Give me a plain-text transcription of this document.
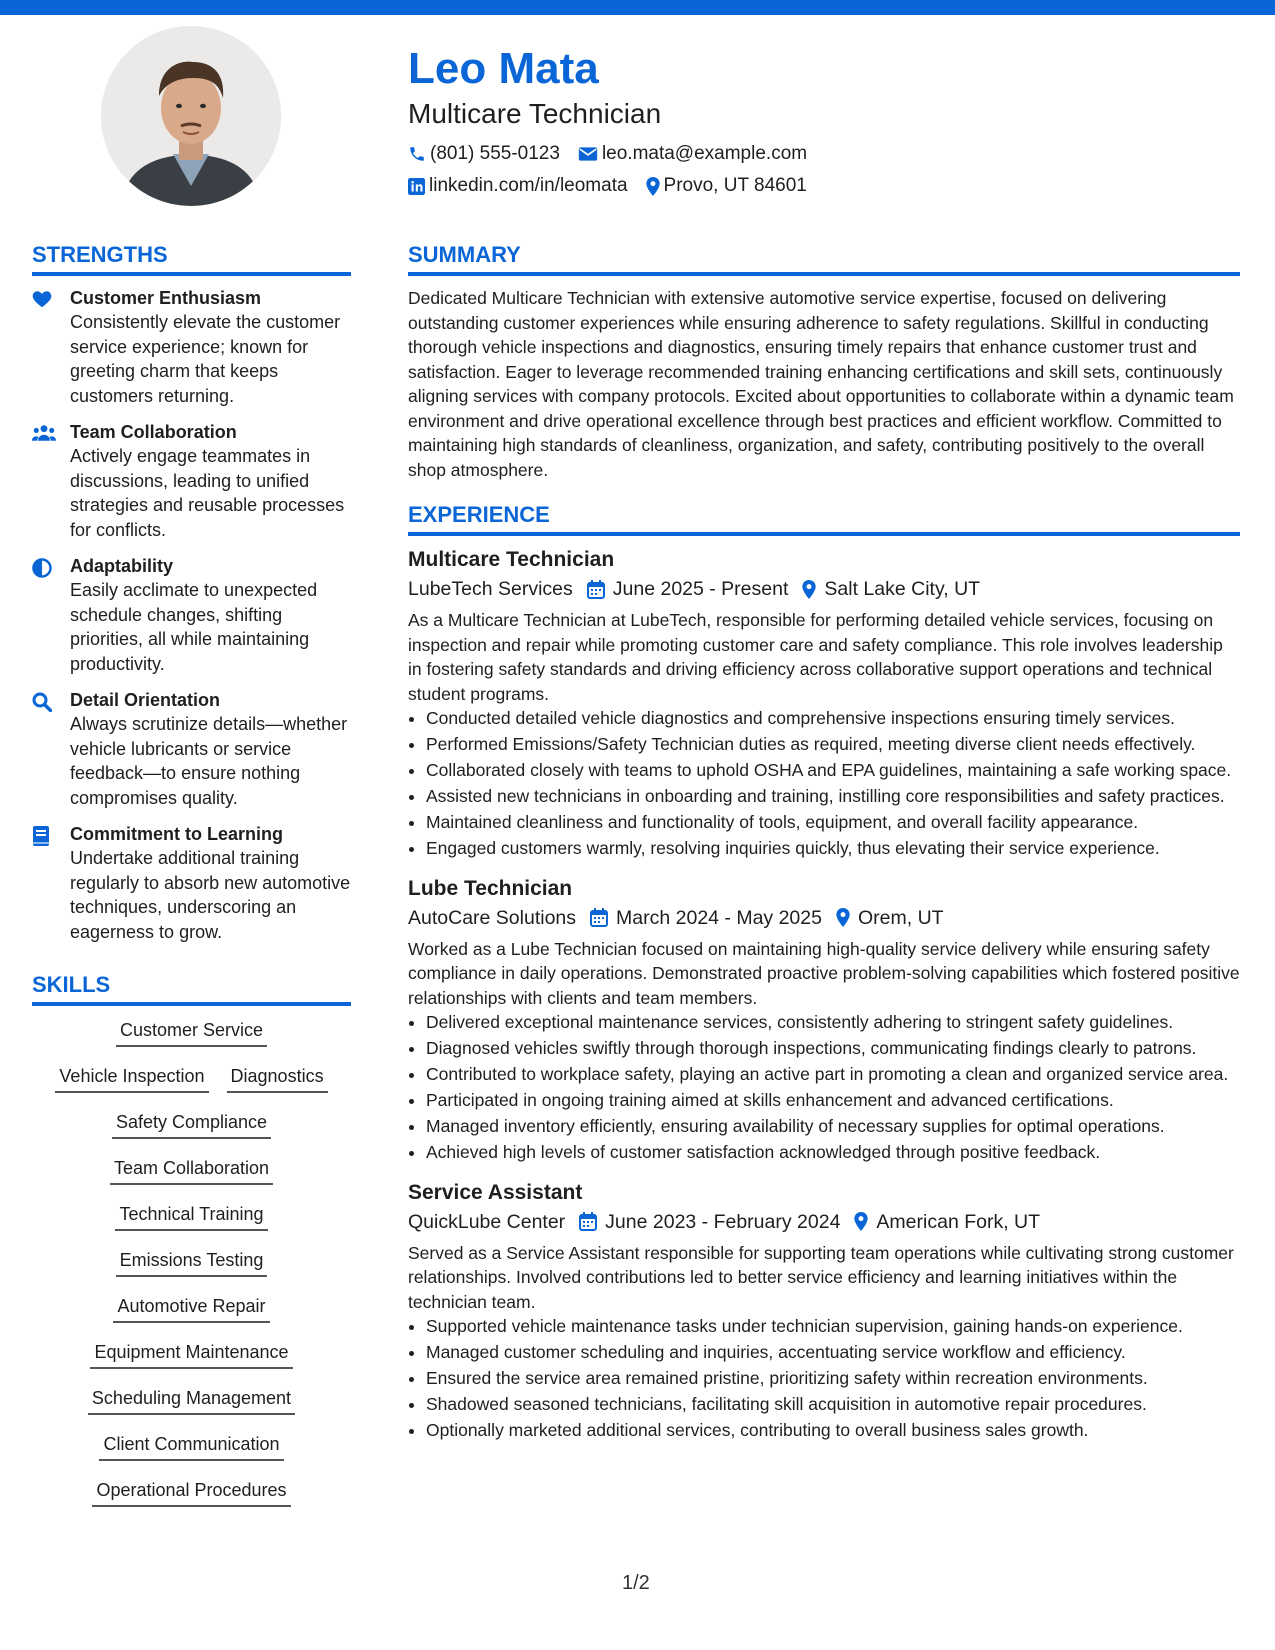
Leo Mata
Multicare Technician
(801) 555-0123 leo.mata@example.com
linkedin.com/in/leomata Provo, UT 84601
STRENGTHS
Customer Enthusiasm
Consistently elevate the customer service experience; known for greeting charm that keeps customers returning.
Team Collaboration
Actively engage teammates in discussions, leading to unified strategies and reusable processes for conflicts.
Adaptability
Easily acclimate to unexpected schedule changes, shifting priorities, all while maintaining productivity.
Detail Orientation
Always scrutinize details—whether vehicle lubricants or service feedback—to ensure nothing compromises quality.
Commitment to Learning
Undertake additional training regularly to absorb new automotive techniques, underscoring an eagerness to grow.
SKILLS
Customer Service
Vehicle Inspection Diagnostics
Safety Compliance
Team Collaboration
Technical Training
Emissions Testing
Automotive Repair
Equipment Maintenance
Scheduling Management
Client Communication
Operational Procedures
SUMMARY
Dedicated Multicare Technician with extensive automotive service expertise, focused on delivering outstanding customer experiences while ensuring adherence to safety regulations. Skillful in conducting thorough vehicle inspections and diagnostics, ensuring timely repairs that enhance customer trust and satisfaction. Eager to leverage recommended training enhancing certifications and skill sets, continuously aligning services with company protocols. Excited about opportunities to collaborate within a dynamic team environment and drive operational excellence through best practices and efficient workflow. Committed to maintaining high standards of cleanliness, organization, and safety, contributing positively to the overall shop atmosphere.
EXPERIENCE
Multicare Technician
LubeTech Services June 2025 - Present Salt Lake City, UT
As a Multicare Technician at LubeTech, responsible for performing detailed vehicle services, focusing on inspection and repair while promoting customer care and safety compliance. This role involves leadership in fostering safety standards and driving efficiency across collaborative support operations and technical student programs.
• Conducted detailed vehicle diagnostics and comprehensive inspections ensuring timely services.
• Performed Emissions/Safety Technician duties as required, meeting diverse client needs effectively.
• Collaborated closely with teams to uphold OSHA and EPA guidelines, maintaining a safe working space.
• Assisted new technicians in onboarding and training, instilling core responsibilities and safety practices.
• Maintained cleanliness and functionality of tools, equipment, and overall facility appearance.
• Engaged customers warmly, resolving inquiries quickly, thus elevating their service experience.
Lube Technician
AutoCare Solutions March 2024 - May 2025 Orem, UT
Worked as a Lube Technician focused on maintaining high-quality service delivery while ensuring safety compliance in daily operations. Demonstrated proactive problem-solving capabilities which fostered positive relationships with clients and team members.
• Delivered exceptional maintenance services, consistently adhering to stringent safety guidelines.
• Diagnosed vehicles swiftly through thorough inspections, communicating findings clearly to patrons.
• Contributed to workplace safety, playing an active part in promoting a clean and organized service area.
• Participated in ongoing training aimed at skills enhancement and advanced certifications.
• Managed inventory efficiently, ensuring availability of necessary supplies for optimal operations.
• Achieved high levels of customer satisfaction acknowledged through positive feedback.
Service Assistant
QuickLube Center June 2023 - February 2024 American Fork, UT
Served as a Service Assistant responsible for supporting team operations while cultivating strong customer relationships. Involved contributions led to better service efficiency and learning initiatives within the technician team.
• Supported vehicle maintenance tasks under technician supervision, gaining hands-on experience.
• Managed customer scheduling and inquiries, accentuating service workflow and efficiency.
• Ensured the service area remained pristine, prioritizing safety within recreation environments.
• Shadowed seasoned technicians, facilitating skill acquisition in automotive repair procedures.
• Optionally marketed additional services, contributing to overall business sales growth.
1/2
